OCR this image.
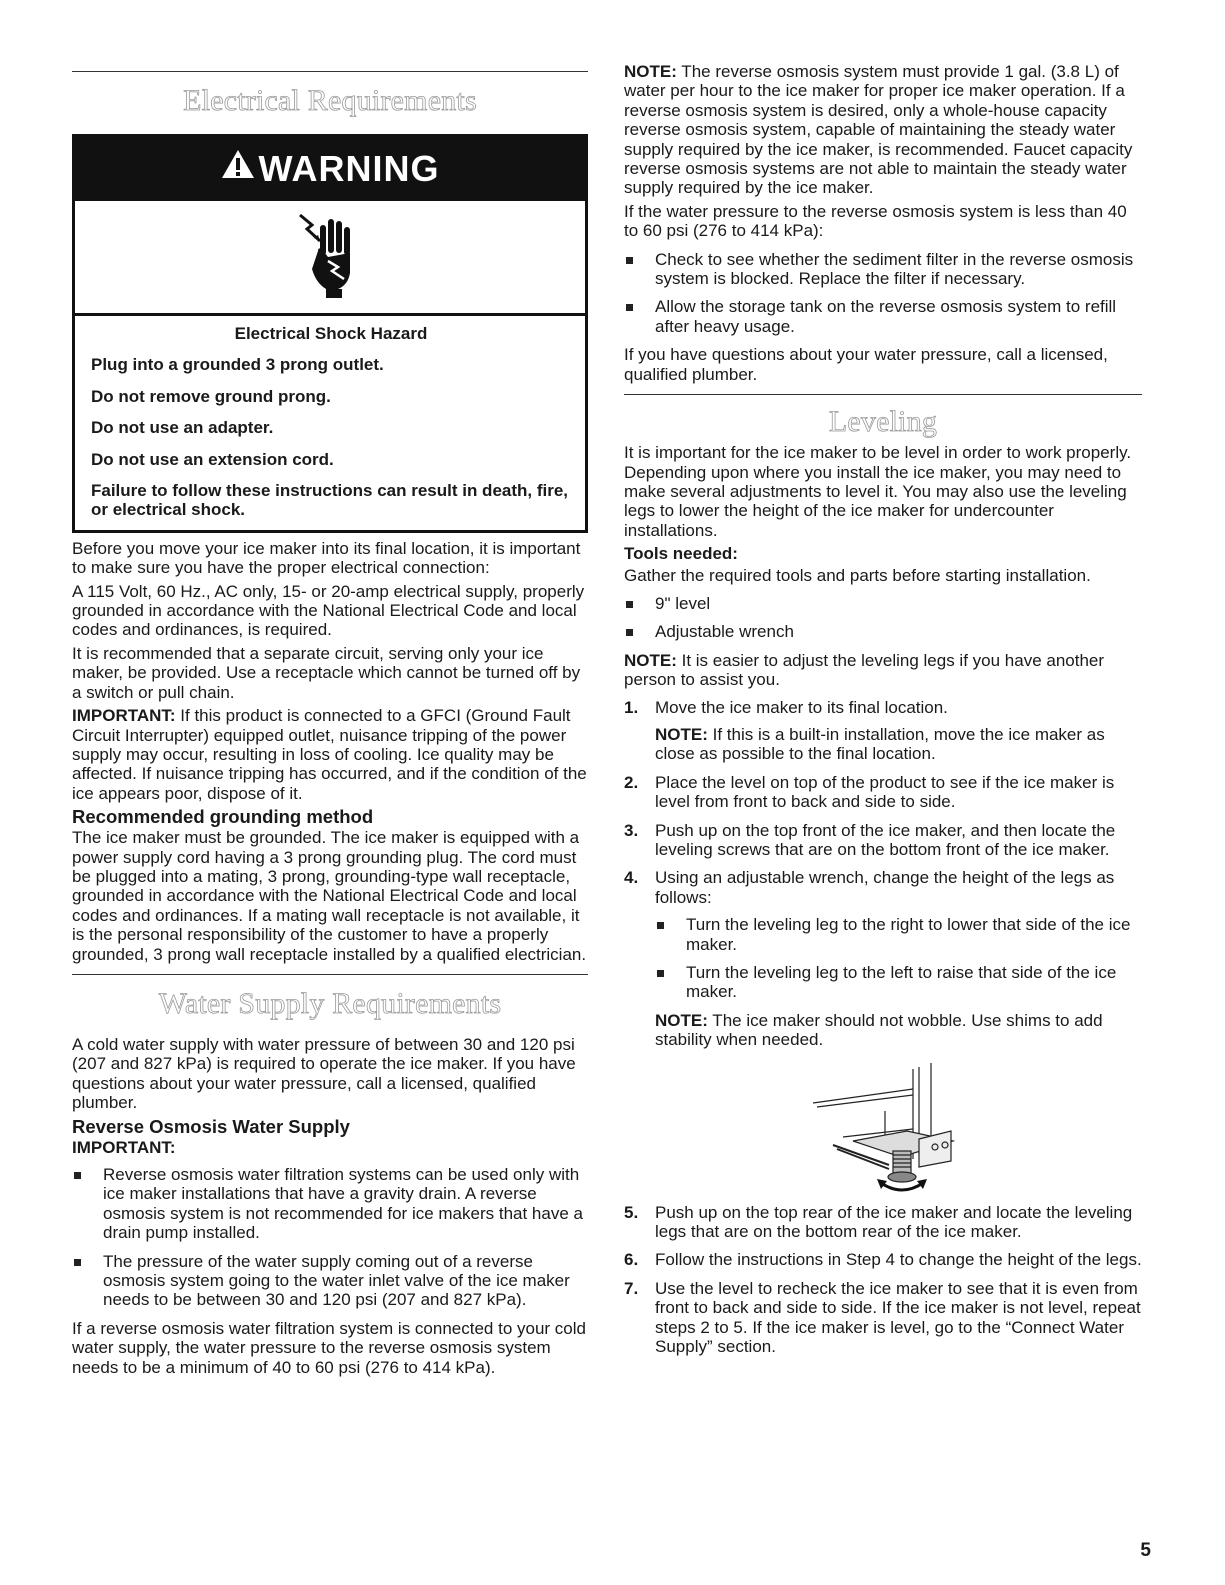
Electrical Requirements
WARNING

Electrical Shock Hazard

Plug into a grounded 3 prong outlet.

Do not remove ground prong.

Do not use an adapter.

Do not use an extension cord.

Failure to follow these instructions can result in death, fire, or electrical shock.

Before you move your ice maker into its final location, it is important to make sure you have the proper electrical connection:

A 115 Volt, 60 Hz., AC only, 15- or 20-amp electrical supply, properly grounded in accordance with the National Electrical Code and local codes and ordinances, is required.

It is recommended that a separate circuit, serving only your ice maker, be provided. Use a receptacle which cannot be turned off by a switch or pull chain.

IMPORTANT: If this product is connected to a GFCI (Ground Fault Circuit Interrupter) equipped outlet, nuisance tripping of the power supply may occur, resulting in loss of cooling. Ice quality may be affected. If nuisance tripping has occurred, and if the condition of the ice appears poor, dispose of it.

Recommended grounding method

The ice maker must be grounded. The ice maker is equipped with a power supply cord having a 3 prong grounding plug. The cord must be plugged into a mating, 3 prong, grounding-type wall receptacle, grounded in accordance with the National Electrical Code and local codes and ordinances. If a mating wall receptacle is not available, it is the personal responsibility of the customer to have a properly grounded, 3 prong wall receptacle installed by a qualified electrician.

Water Supply Requirements

A cold water supply with water pressure of between 30 and 120 psi (207 and 827 kPa) is required to operate the ice maker. If you have questions about your water pressure, call a licensed, qualified plumber.

Reverse Osmosis Water Supply

IMPORTANT:

Reverse osmosis water filtration systems can be used only with ice maker installations that have a gravity drain. A reverse osmosis system is not recommended for ice makers that have a drain pump installed.
The pressure of the water supply coming out of a reverse osmosis system going to the water inlet valve of the ice maker needs to be between 30 and 120 psi (207 and 827 kPa).

If a reverse osmosis water filtration system is connected to your cold water supply, the water pressure to the reverse osmosis system needs to be a minimum of 40 to 60 psi (276 to 414 kPa).

NOTE: The reverse osmosis system must provide 1 gal. (3.8 L) of water per hour to the ice maker for proper ice maker operation. If a reverse osmosis system is desired, only a whole-house capacity reverse osmosis system, capable of maintaining the steady water supply required by the ice maker, is recommended. Faucet capacity reverse osmosis systems are not able to maintain the steady water supply required by the ice maker.

If the water pressure to the reverse osmosis system is less than 40 to 60 psi (276 to 414 kPa):

Check to see whether the sediment filter in the reverse osmosis system is blocked. Replace the filter if necessary.
Allow the storage tank on the reverse osmosis system to refill after heavy usage.

If you have questions about your water pressure, call a licensed, qualified plumber.

Leveling

It is important for the ice maker to be level in order to work properly. Depending upon where you install the ice maker, you may need to make several adjustments to level it. You may also use the leveling legs to lower the height of the ice maker for undercounter installations.

Tools needed:

Gather the required tools and parts before starting installation.

9" level
Adjustable wrench

NOTE: It is easier to adjust the leveling legs if you have another person to assist you.

1. Move the ice maker to its final location.
NOTE: If this is a built-in installation, move the ice maker as close as possible to the final location.
2. Place the level on top of the product to see if the ice maker is level from front to back and side to side.
3. Push up on the top front of the ice maker, and then locate the leveling screws that are on the bottom front of the ice maker.
4. Using an adjustable wrench, change the height of the legs as follows:
Turn the leveling leg to the right to lower that side of the ice maker.
Turn the leveling leg to the left to raise that side of the ice maker.
NOTE: The ice maker should not wobble. Use shims to add stability when needed.
5. Push up on the top rear of the ice maker and locate the leveling legs that are on the bottom rear of the ice maker.
6. Follow the instructions in Step 4 to change the height of the legs.
7. Use the level to recheck the ice maker to see that it is even from front to back and side to side. If the ice maker is not level, repeat steps 2 to 5. If the ice maker is level, go to the “Connect Water Supply” section.
5
